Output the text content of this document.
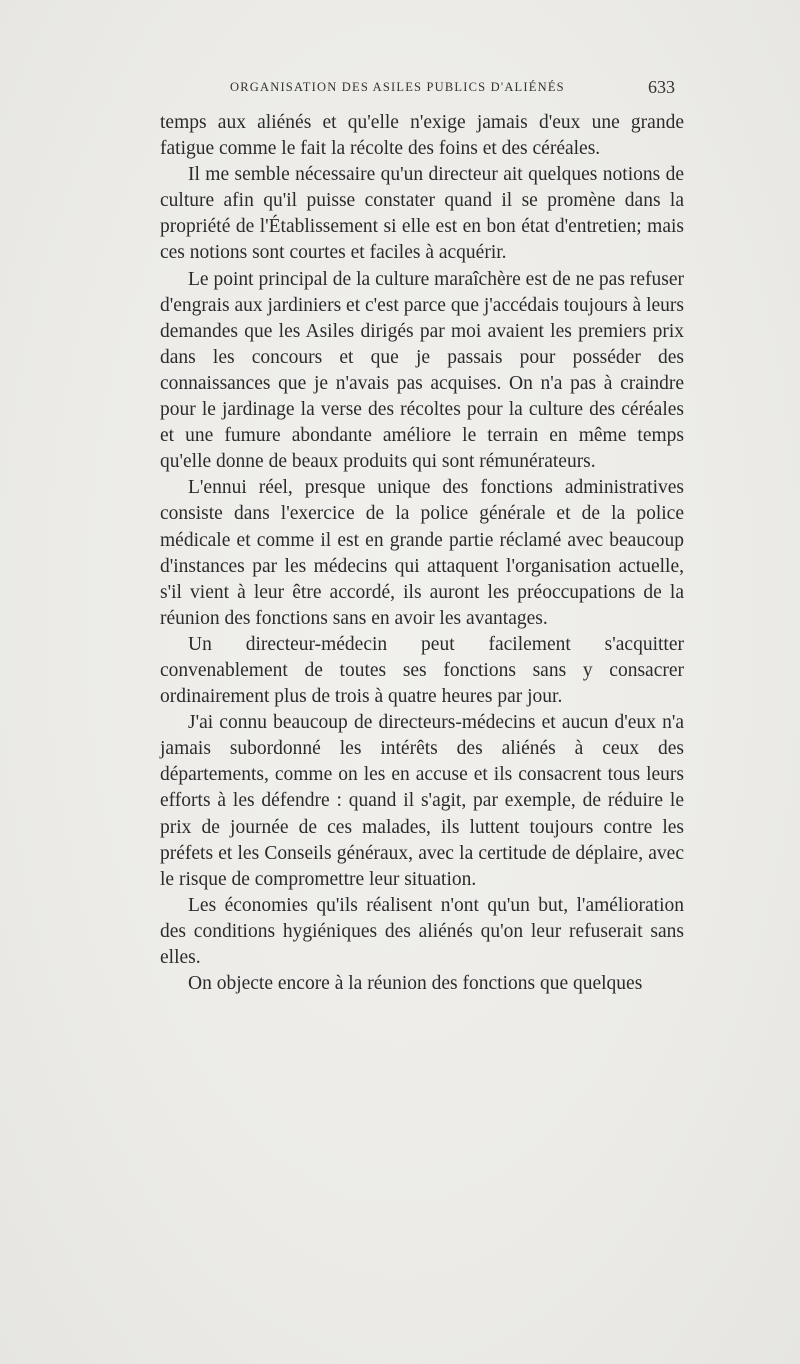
ORGANISATION DES ASILES PUBLICS D'ALIÉNÉS	633

temps aux aliénés et qu'elle n'exige jamais d'eux une grande fatigue comme le fait la récolte des foins et des céréales.

Il me semble nécessaire qu'un directeur ait quelques notions de culture afin qu'il puisse constater quand il se promène dans la propriété de l'Établissement si elle est en bon état d'entretien; mais ces notions sont courtes et faciles à acquérir.

Le point principal de la culture maraîchère est de ne pas refuser d'engrais aux jardiniers et c'est parce que j'accédais toujours à leurs demandes que les Asiles dirigés par moi avaient les premiers prix dans les concours et que je passais pour posséder des connaissances que je n'avais pas acquises. On n'a pas à craindre pour le jardinage la verse des récoltes pour la culture des céréales et une fumure abondante améliore le terrain en même temps qu'elle donne de beaux produits qui sont rémunérateurs.

L'ennui réel, presque unique des fonctions administratives consiste dans l'exercice de la police générale et de la police médicale et comme il est en grande partie réclamé avec beaucoup d'instances par les médecins qui attaquent l'organisation actuelle, s'il vient à leur être accordé, ils auront les préoccupations de la réunion des fonctions sans en avoir les avantages.

Un directeur-médecin peut facilement s'acquitter convenablement de toutes ses fonctions sans y consacrer ordinairement plus de trois à quatre heures par jour.

J'ai connu beaucoup de directeurs-médecins et aucun d'eux n'a jamais subordonné les intérêts des aliénés à ceux des départements, comme on les en accuse et ils consacrent tous leurs efforts à les défendre : quand il s'agit, par exemple, de réduire le prix de journée de ces malades, ils luttent toujours contre les préfets et les Conseils généraux, avec la certitude de déplaire, avec le risque de compromettre leur situation.

Les économies qu'ils réalisent n'ont qu'un but, l'amélioration des conditions hygiéniques des aliénés qu'on leur refuserait sans elles.

On objecte encore à la réunion des fonctions que quelques
